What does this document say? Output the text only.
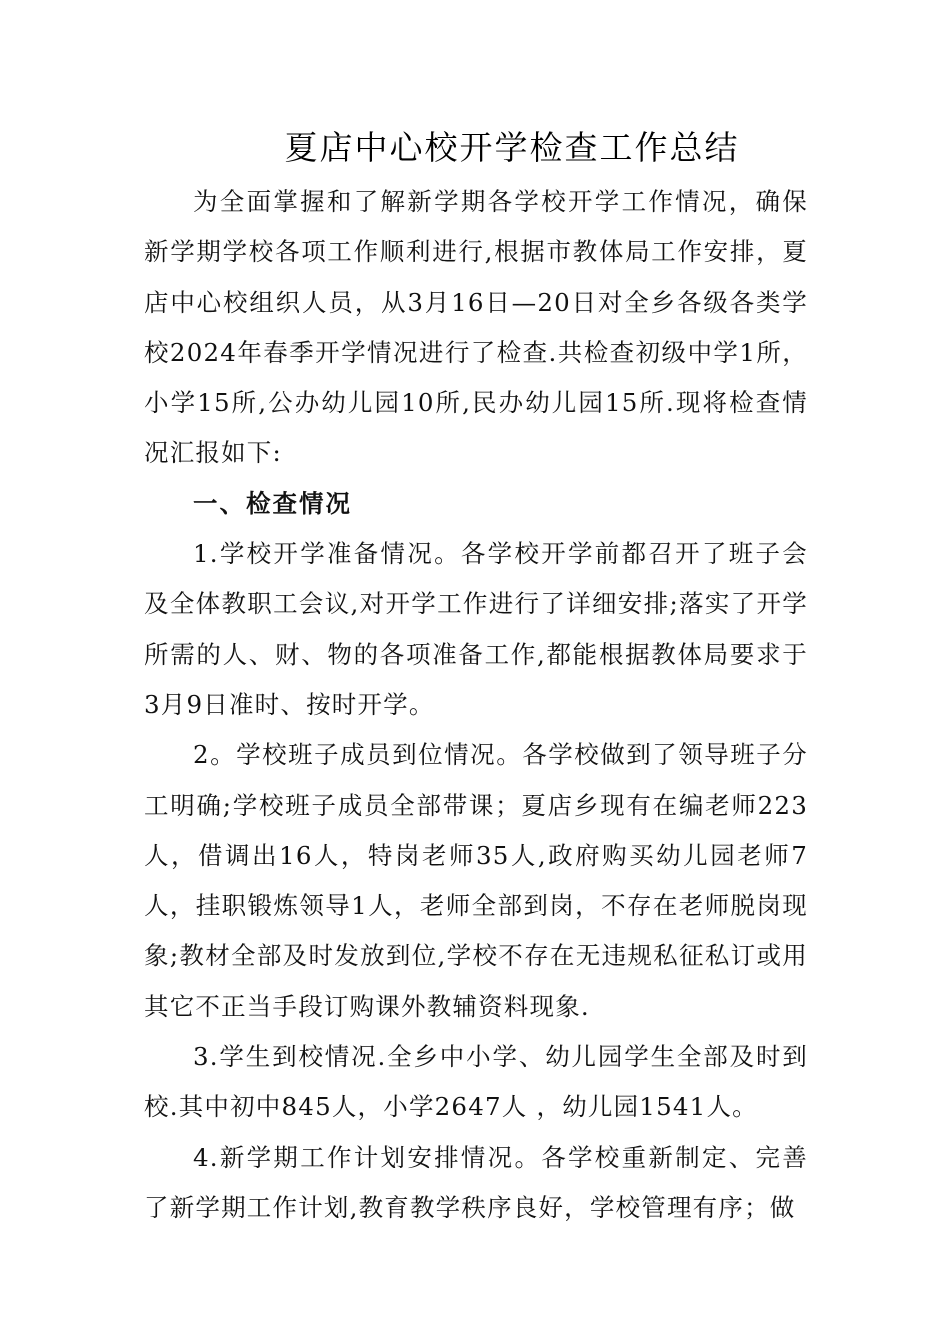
夏店中心校开学检查工作总结

为全面掌握和了解新学期各学校开学工作情况，确保新学期学校各项工作顺利进行,根据市教体局工作安排，夏店中心校组织人员，从3月16日—20日对全乡各级各类学校2024年春季开学情况进行了检查.共检查初级中学1所，小学15所,公办幼儿园10所,民办幼儿园15所.现将检查情况汇报如下:

一、检查情况

1.学校开学准备情况。各学校开学前都召开了班子会及全体教职工会议,对开学工作进行了详细安排;落实了开学所需的人、财、物的各项准备工作,都能根据教体局要求于3月9日准时、按时开学。

2。学校班子成员到位情况。各学校做到了领导班子分工明确;学校班子成员全部带课；夏店乡现有在编老师223人，借调出16人，特岗老师35人,政府购买幼儿园老师7人，挂职锻炼领导1人，老师全部到岗，不存在老师脱岗现象;教材全部及时发放到位,学校不存在无违规私征私订或用其它不正当手段订购课外教辅资料现象.

3.学生到校情况.全乡中小学、幼儿园学生全部及时到校.其中初中845人，小学2647人 ，幼儿园1541人。

4.新学期工作计划安排情况。各学校重新制定、完善了新学期工作计划,教育教学秩序良好，学校管理有序；做
